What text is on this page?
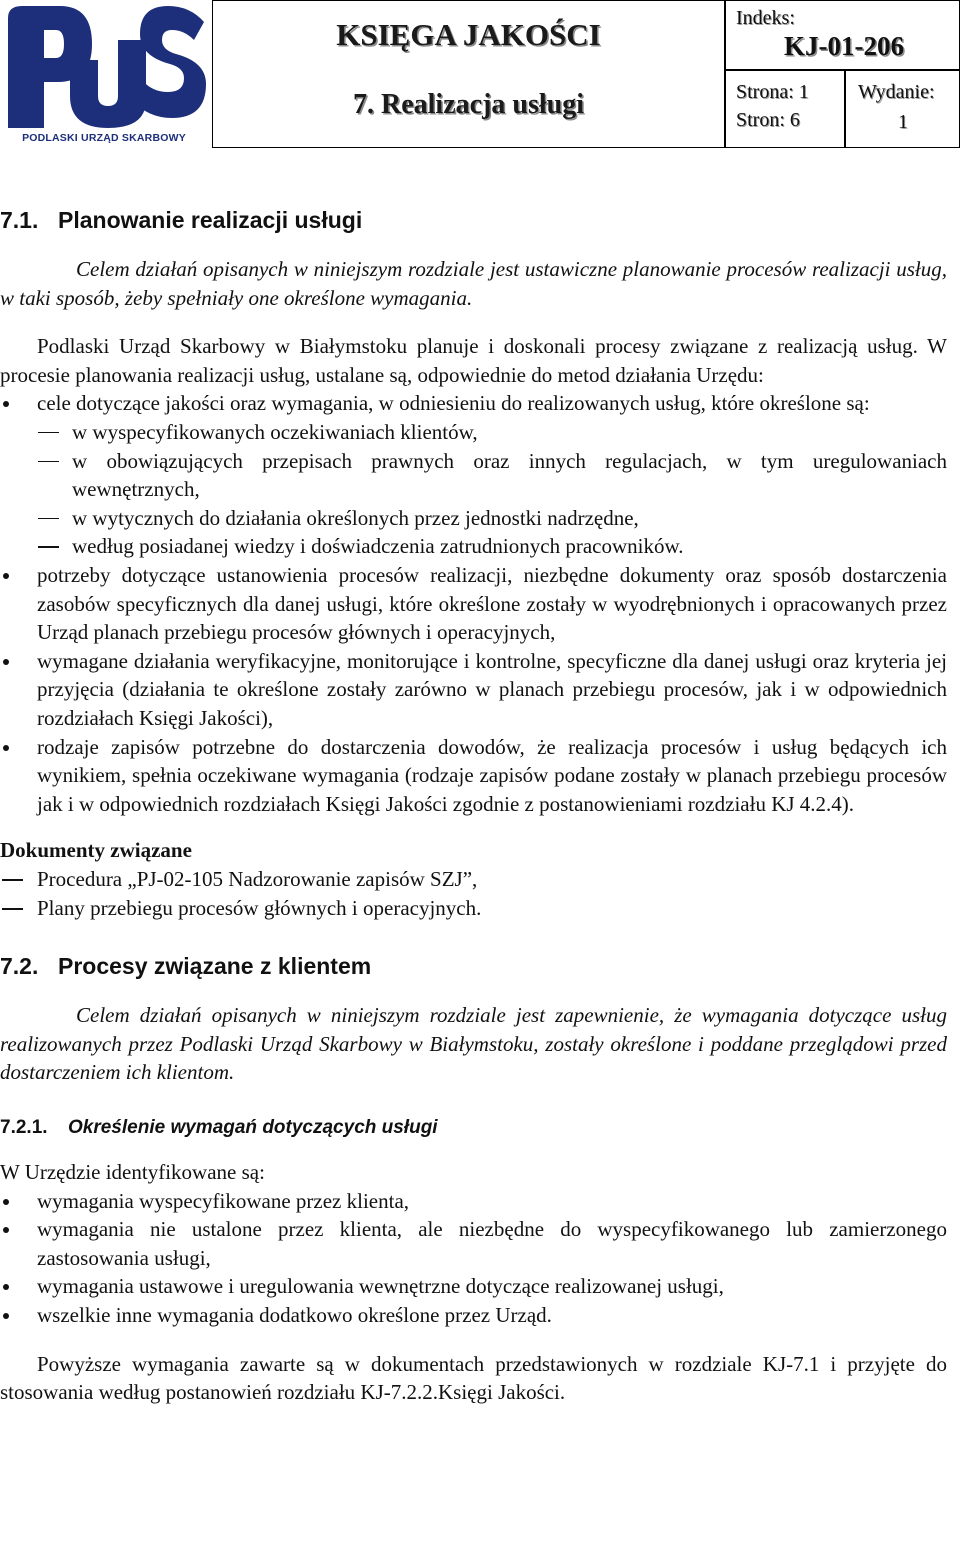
PODLASKI URZĄD SKARBOWY
KSIĘGA JAKOŚCI
7. Realizacja usługi
Indeks:
KJ-01-206
Strona: 1
Stron: 6
Wydanie:
1
7.1. Planowanie realizacji usługi

Celem działań opisanych w niniejszym rozdziale jest ustawiczne planowanie procesów realizacji usług, w taki sposób, żeby spełniały one określone wymagania.

Podlaski Urząd Skarbowy w Białymstoku planuje i doskonali procesy związane z realizacją usług. W procesie planowania realizacji usług, ustalane są, odpowiednie do metod działania Urzędu:

cele dotyczące jakości oraz wymagania, w odniesieniu do realizowanych usług, które określone są:
w wyspecyfikowanych oczekiwaniach klientów,
w obowiązujących przepisach prawnych oraz innych regulacjach, w tym uregulowaniach wewnętrznych,
w wytycznych do działania określonych przez jednostki nadrzędne,
według posiadanej wiedzy i doświadczenia zatrudnionych pracowników.
potrzeby dotyczące ustanowienia procesów realizacji, niezbędne dokumenty oraz sposób dostarczenia zasobów specyficznych dla danej usługi, które określone zostały w wyodrębnionych i opracowanych przez Urząd planach przebiegu procesów głównych i operacyjnych,
wymagane działania weryfikacyjne, monitorujące i kontrolne, specyficzne dla danej usługi oraz kryteria jej przyjęcia (działania te określone zostały zarówno w planach przebiegu procesów, jak i w odpowiednich rozdziałach Księgi Jakości),
rodzaje zapisów potrzebne do dostarczenia dowodów, że realizacja procesów i usług będących ich wynikiem, spełnia oczekiwane wymagania (rodzaje zapisów podane zostały w planach przebiegu procesów jak i w odpowiednich rozdziałach Księgi Jakości zgodnie z postanowieniami rozdziału KJ 4.2.4).
Dokumenty związane
Procedura „PJ-02-105 Nadzorowanie zapisów SZJ”,
Plany przebiegu procesów głównych i operacyjnych.
7.2. Procesy związane z klientem

Celem działań opisanych w niniejszym rozdziale jest zapewnienie, że wymagania dotyczące usług realizowanych przez Podlaski Urząd Skarbowy w Białymstoku, zostały określone i poddane przeglądowi przed dostarczeniem ich klientom.

7.2.1. Określenie wymagań dotyczących usługi

W Urzędzie identyfikowane są:

wymagania wyspecyfikowane przez klienta,
wymagania nie ustalone przez klienta, ale niezbędne do wyspecyfikowanego lub zamierzonego zastosowania usługi,
wymagania ustawowe i uregulowania wewnętrzne dotyczące realizowanej usługi,
wszelkie inne wymagania dodatkowo określone przez Urząd.

Powyższe wymagania zawarte są w dokumentach przedstawionych w rozdziale KJ-7.1 i przyjęte do stosowania według postanowień rozdziału KJ-7.2.2.Księgi Jakości.
